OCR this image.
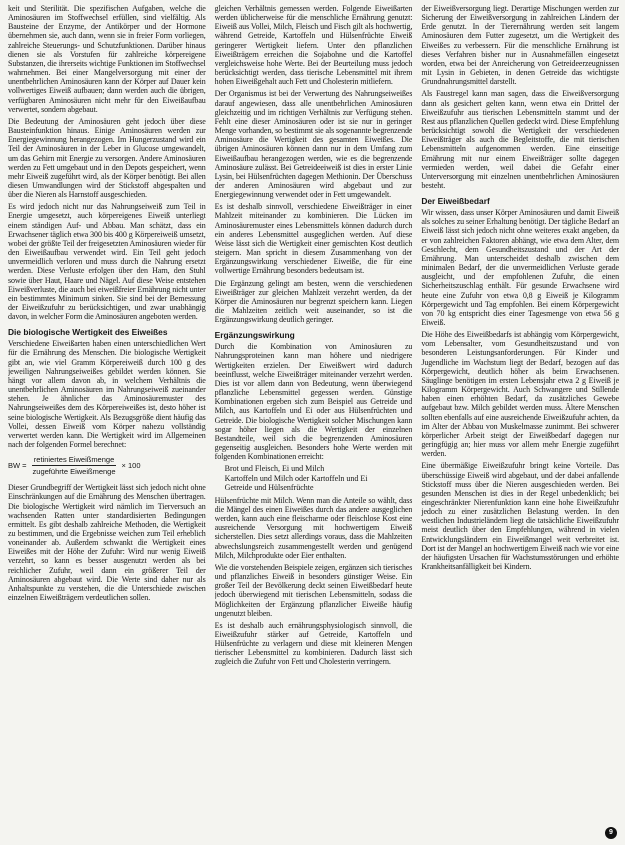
keit und Sterilität. Die spezifischen Aufgaben, welche die Aminosäuren im Stoffwechsel erfüllen, sind vielfältig. Als Bausteine der Enzyme, der Antikörper und der Hormone übernehmen sie, auch dann, wenn sie in freier Form vorliegen, zahlreiche Steuerungs- und Schutzfunktionen. Darüber hinaus dienen sie als Vorstufen für zahlreiche körpereigene Substanzen, die ihrerseits wichtige Funktionen im Stoffwechsel wahrnehmen. Bei einer Mangelversorgung mit einer der unentbehrlichen Aminosäuren kann der Körper auf Dauer kein vollwertiges Eiweiß aufbauen; dann werden auch die übrigen, verfügbaren Aminosäuren nicht mehr für den Eiweißaufbau verwertet, sondern abgebaut.

Die Bedeutung der Aminosäuren geht jedoch über diese Bausteinfunktion hinaus. Einige Aminosäuren werden zur Energiegewinnung herangezogen. Im Hungerzustand wird ein Teil der Aminosäuren in der Leber in Glucose umgewandelt, um das Gehirn mit Energie zu versorgen. Andere Aminosäuren werden zu Fett umgebaut und in den Depots gespeichert, wenn mehr Eiweiß zugeführt wird, als der Körper benötigt. Bei allen diesen Umwandlungen wird der Stickstoff abgespalten und über die Nieren als Harnstoff ausgeschieden.

Es wird jedoch nicht nur das Nahrungseiweiß zum Teil in Energie umgesetzt, auch körpereigenes Eiweiß unterliegt einem ständigen Auf- und Abbau. Man schätzt, dass ein Erwachsener täglich etwa 300 bis 400 g Körpereiweiß umsetzt, wobei der größte Teil der freigesetzten Aminosäuren wieder für den Eiweißaufbau verwendet wird. Ein Teil geht jedoch unvermeidlich verloren und muss durch die Nahrung ersetzt werden. Diese Verluste erfolgen über den Harn, den Stuhl sowie über Haut, Haare und Nägel. Auf diese Weise entstehen Eiweißverluste, die auch bei eiweißfreier Ernährung nicht unter ein bestimmtes Minimum sinken. Sie sind bei der Bemessung der Eiweißzufuhr zu berücksichtigen, und zwar unabhängig davon, in welcher Form die Aminosäuren angeboten werden.

Die biologische Wertigkeit des Eiweißes

Verschiedene Eiweißarten haben einen unterschiedlichen Wert für die Ernährung des Menschen. Die biologische Wertigkeit gibt an, wie viel Gramm Körpereiweiß durch 100 g des jeweiligen Nahrungseiweißes gebildet werden können. Sie hängt vor allem davon ab, in welchem Verhältnis die unentbehrlichen Aminosäuren im Nahrungseiweiß zueinander stehen. Je ähnlicher das Aminosäuremuster des Nahrungseiweißes dem des Körpereiweißes ist, desto höher ist seine biologische Wertigkeit. Als Bezugsgröße dient häufig das Vollei, dessen Eiweiß vom Körper nahezu vollständig verwertet werden kann. Die Wertigkeit wird im Allgemeinen nach der folgenden Formel berechnet:

BW = $\frac{\text{retiniertes Eiweißmenge}}{\text{zugeführte Eiweißmenge}} \times 100$

Dieser Grundbegriff der Wertigkeit lässt sich jedoch nicht ohne Einschränkungen auf die Ernährung des Menschen übertragen. Die biologische Wertigkeit wird nämlich im Tierversuch an wachsenden Ratten unter standardisierten Bedingungen ermittelt. Es gibt deshalb zahlreiche Methoden, die Wertigkeit zu bestimmen, und die Ergebnisse weichen zum Teil erheblich voneinander ab. Außerdem schwankt die Wertigkeit eines Eiweißes mit der Höhe der Zufuhr: Wird nur wenig Eiweiß verzehrt, so kann es besser ausgenutzt werden als bei reichlicher Zufuhr, weil dann ein größerer Teil der Aminosäuren abgebaut wird. Die Werte sind daher nur als Anhaltspunkte zu verstehen, die die Unterschiede zwischen einzelnen Eiweißträgern verdeutlichen sollen.

gleichen Verhältnis gemessen werden. Folgende Eiweißarten werden üblicherweise für die menschliche Ernährung genutzt: Eiweiß aus Vollei, Milch, Fleisch und Fisch gilt als hochwertig, während Getreide, Kartoffeln und Hülsenfrüchte Eiweiß geringerer Wertigkeit liefern. Unter den pflanzlichen Eiweißträgern erreichen die Sojabohne und die Kartoffel vergleichsweise hohe Werte. Bei der Beurteilung muss jedoch berücksichtigt werden, dass tierische Lebensmittel mit ihrem hohen Eiweißgehalt auch Fett und Cholesterin mitliefern.

Der Organismus ist bei der Verwertung des Nahrungseiweißes darauf angewiesen, dass alle unentbehrlichen Aminosäuren gleichzeitig und im richtigen Verhältnis zur Verfügung stehen. Fehlt eine dieser Aminosäuren oder ist sie nur in geringer Menge vorhanden, so bestimmt sie als sogenannte begrenzende Aminosäure die Wertigkeit des gesamten Eiweißes. Die übrigen Aminosäuren können dann nur in dem Umfang zum Eiweißaufbau herangezogen werden, wie es die begrenzende Aminosäure zulässt. Bei Getreideeiweiß ist dies in erster Linie Lysin, bei Hülsenfrüchten dagegen Methionin. Der Überschuss der anderen Aminosäuren wird abgebaut und zur Energiegewinnung verwendet oder in Fett umgewandelt.

Es ist deshalb sinnvoll, verschiedene Eiweißträger in einer Mahlzeit miteinander zu kombinieren. Die Lücken im Aminosäuremuster eines Lebensmittels können dadurch durch ein anderes Lebensmittel ausgeglichen werden. Auf diese Weise lässt sich die Wertigkeit einer gemischten Kost deutlich steigern. Man spricht in diesem Zusammenhang von der Ergänzungswirkung verschiedener Eiweiße, die für eine vollwertige Ernährung besonders bedeutsam ist.

Die Ergänzung gelingt am besten, wenn die verschiedenen Eiweißträger zur gleichen Mahlzeit verzehrt werden, da der Körper die Aminosäuren nur begrenzt speichern kann. Liegen die Mahlzeiten zeitlich weit auseinander, so ist die Ergänzungswirkung deutlich geringer.

Ergänzungswirkung

Durch die Kombination von Aminosäuren zu Nahrungsproteinen kann man höhere und niedrigere Wertigkeiten erzielen. Der Eiweißwert wird dadurch beeinflusst, welche Eiweißträger miteinander verzehrt werden. Dies ist vor allem dann von Bedeutung, wenn überwiegend pflanzliche Lebensmittel gegessen werden. Günstige Kombinationen ergeben sich zum Beispiel aus Getreide und Milch, aus Kartoffeln und Ei oder aus Hülsenfrüchten und Getreide. Die biologische Wertigkeit solcher Mischungen kann sogar höher liegen als die Wertigkeit der einzelnen Bestandteile, weil sich die begrenzenden Aminosäuren gegenseitig ausgleichen. Besonders hohe Werte werden mit folgenden Kombinationen erreicht:

Brot und Fleisch, Ei und Milch
Kartoffeln und Milch oder Kartoffeln und Ei
Getreide und Hülsenfrüchte

Hülsenfrüchte mit Milch. Wenn man die Anteile so wählt, dass die Mängel des einen Eiweißes durch das andere ausgeglichen werden, kann auch eine fleischarme oder fleischlose Kost eine ausreichende Versorgung mit hochwertigem Eiweiß sicherstellen. Dies setzt allerdings voraus, dass die Mahlzeiten abwechslungsreich zusammengestellt werden und genügend Milch, Milchprodukte oder Eier enthalten.

Wie die vorstehenden Beispiele zeigen, ergänzen sich tierisches und pflanzliches Eiweiß in besonders günstiger Weise. Ein großer Teil der Bevölkerung deckt seinen Eiweißbedarf heute jedoch überwiegend mit tierischen Lebensmitteln, sodass die Möglichkeiten der Ergänzung pflanzlicher Eiweiße häufig ungenutzt bleiben.

Es ist deshalb auch ernährungsphysiologisch sinnvoll, die Eiweißzufuhr stärker auf Getreide, Kartoffeln und Hülsenfrüchte zu verlagern und diese mit kleineren Mengen tierischer Lebensmittel zu kombinieren. Dadurch lässt sich zugleich die Zufuhr von Fett und Cholesterin verringern.

der Eiweißversorgung liegt. Derartige Mischungen werden zur Sicherung der Eiweißversorgung in zahlreichen Ländern der Erde genutzt. In der Tierernährung werden seit langem Aminosäuren dem Futter zugesetzt, um die Wertigkeit des Eiweißes zu verbessern. Für die menschliche Ernährung ist dieses Verfahren bisher nur in Ausnahmefällen eingesetzt worden, etwa bei der Anreicherung von Getreideerzeugnissen mit Lysin in Gebieten, in denen Getreide das wichtigste Grundnahrungsmittel darstellt.

Als Faustregel kann man sagen, dass die Eiweißversorgung dann als gesichert gelten kann, wenn etwa ein Drittel der Eiweißzufuhr aus tierischen Lebensmitteln stammt und der Rest aus pflanzlichen Quellen gedeckt wird. Diese Empfehlung berücksichtigt sowohl die Wertigkeit der verschiedenen Eiweißträger als auch die Begleitstoffe, die mit tierischen Lebensmitteln aufgenommen werden. Eine einseitige Ernährung mit nur einem Eiweißträger sollte dagegen vermieden werden, weil dabei die Gefahr einer Unterversorgung mit einzelnen unentbehrlichen Aminosäuren besteht.

Der Eiweißbedarf

Wir wissen, dass unser Körper Aminosäuren und damit Eiweiß als solches zu seiner Erhaltung benötigt. Der tägliche Bedarf an Eiweiß lässt sich jedoch nicht ohne weiteres exakt angeben, da er von zahlreichen Faktoren abhängt, wie etwa dem Alter, dem Geschlecht, dem Gesundheitszustand und der Art der Ernährung. Man unterscheidet deshalb zwischen dem minimalen Bedarf, der die unvermeidlichen Verluste gerade ausgleicht, und der empfohlenen Zufuhr, die einen Sicherheitszuschlag enthält. Für gesunde Erwachsene wird heute eine Zufuhr von etwa 0,8 g Eiweiß je Kilogramm Körpergewicht und Tag empfohlen. Bei einem Körpergewicht von 70 kg entspricht dies einer Tagesmenge von etwa 56 g Eiweiß.

Die Höhe des Eiweißbedarfs ist abhängig vom Körpergewicht, vom Lebensalter, vom Gesundheitszustand und von besonderen Leistungsanforderungen. Für Kinder und Jugendliche im Wachstum liegt der Bedarf, bezogen auf das Körpergewicht, deutlich höher als beim Erwachsenen. Säuglinge benötigen im ersten Lebensjahr etwa 2 g Eiweiß je Kilogramm Körpergewicht. Auch Schwangere und Stillende haben einen erhöhten Bedarf, da zusätzliches Gewebe aufgebaut bzw. Milch gebildet werden muss. Ältere Menschen sollten ebenfalls auf eine ausreichende Eiweißzufuhr achten, da im Alter der Abbau von Muskelmasse zunimmt. Bei schwerer körperlicher Arbeit steigt der Eiweißbedarf dagegen nur geringfügig an; hier muss vor allem mehr Energie zugeführt werden.

Eine übermäßige Eiweißzufuhr bringt keine Vorteile. Das überschüssige Eiweiß wird abgebaut, und der dabei anfallende Stickstoff muss über die Nieren ausgeschieden werden. Bei gesunden Menschen ist dies in der Regel unbedenklich; bei eingeschränkter Nierenfunktion kann eine hohe Eiweißzufuhr jedoch zu einer zusätzlichen Belastung werden. In den westlichen Industrieländern liegt die tatsächliche Eiweißzufuhr meist deutlich über den Empfehlungen, während in vielen Entwicklungsländern ein Eiweißmangel weit verbreitet ist. Dort ist der Mangel an hochwertigem Eiweiß nach wie vor eine der häufigsten Ursachen für Wachstumsstörungen und erhöhte Krankheitsanfälligkeit bei Kindern.

9
